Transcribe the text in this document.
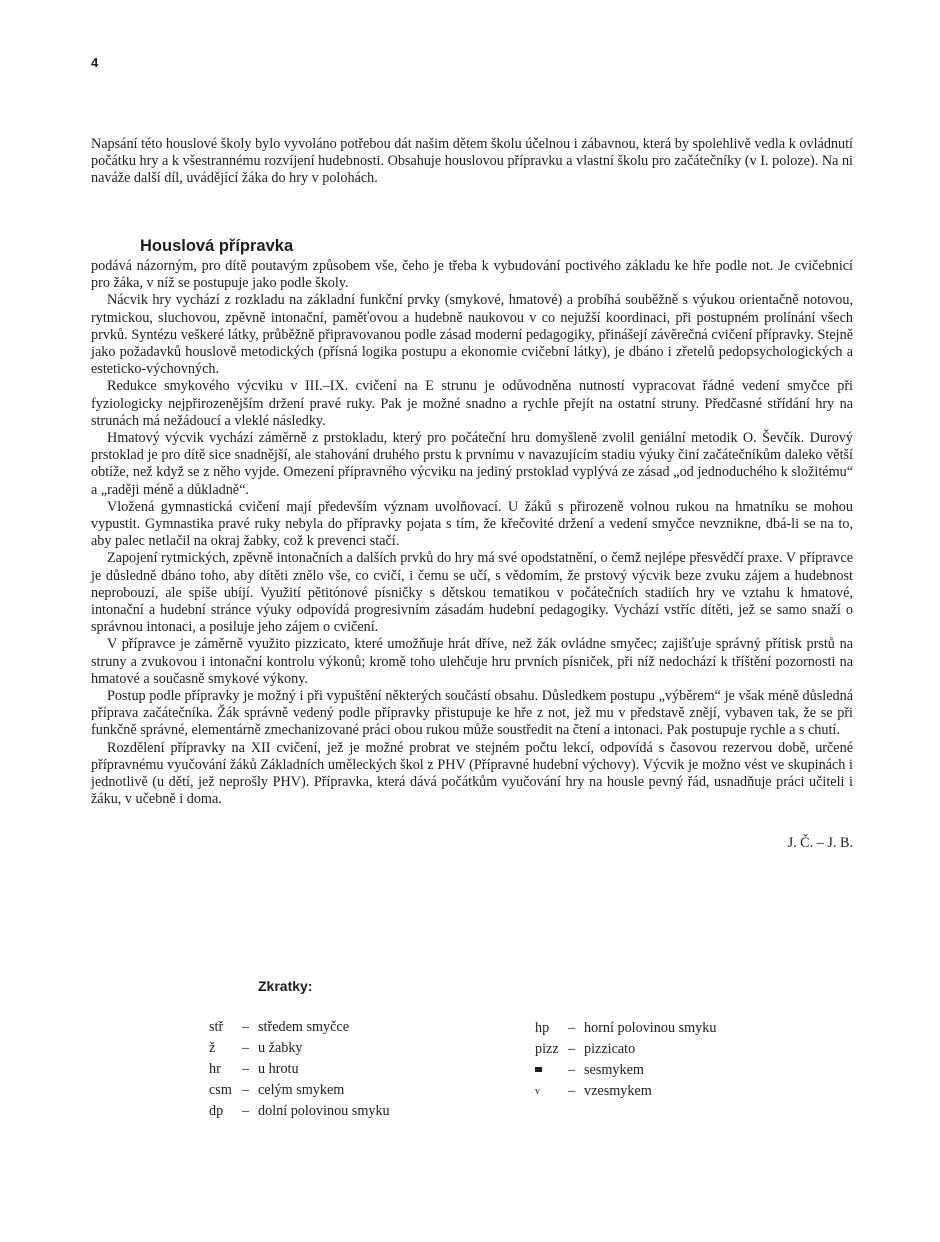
4
Napsání této houslové školy bylo vyvoláno potřebou dát našim dětem školu účelnou i zábavnou, která by spolehlivě vedla k ovládnutí počátku hry a k všestrannému rozvíjení hudebnosti. Obsahuje houslovou přípravku a vlastní školu pro začátečníky (v I. poloze). Na ni naváže další díl, uvádějící žáka do hry v polohách.
Houslová přípravka

podává názorným, pro dítě poutavým způsobem vše, čeho je třeba k vybudování poctivého základu ke hře podle not. Je cvičebnicí pro žáka, v níž se postupuje jako podle školy.

Nácvik hry vychází z rozkladu na základní funkční prvky (smykové, hmatové) a probíhá souběžně s výukou orientačně notovou, rytmickou, sluchovou, zpěvně intonační, paměťovou a hudebně naukovou v co nejužší koordinaci, při postupném prolínání všech prvků. Syntézu veškeré látky, průběžně připravovanou podle zásad moderní pedagogiky, přinášejí závěrečná cvičení přípravky. Stejně jako požadavků houslově metodických (přísná logika postupu a ekonomie cvičební látky), je dbáno i zřetelů pedopsychologických a esteticko-výchovných.

Redukce smykového výcviku v III.–IX. cvičení na E strunu je odůvodněna nutností vypracovat řádné vedení smyčce při fyziologicky nejpřirozenějším držení pravé ruky. Pak je možné snadno a rychle přejít na ostatní struny. Předčasné střídání hry na strunách má nežádoucí a vleklé následky.

Hmatový výcvik vychází záměrně z prstokladu, který pro počáteční hru domyšleně zvolil geniální metodik O. Ševčík. Durový prstoklad je pro dítě sice snadnější, ale stahování druhého prstu k prvnímu v navazujícím stadiu výuky činí začátečníkům daleko větší obtíže, než když se z něho vyjde. Omezení přípravného výcviku na jediný prstoklad vyplývá ze zásad „od jednoduchého k složitému“ a „raději méně a důkladně“.

Vložená gymnastická cvičení mají především význam uvolňovací. U žáků s přirozeně volnou rukou na hmatníku se mohou vypustit. Gymnastika pravé ruky nebyla do přípravky pojata s tím, že křečovité držení a vedení smyčce nevznikne, dbá-li se na to, aby palec netlačil na okraj žabky, což k prevenci stačí.

Zapojení rytmických, zpěvně intonačních a dalších prvků do hry má své opodstatnění, o čemž nejlépe přesvědčí praxe. V přípravce je důsledně dbáno toho, aby dítěti znělo vše, co cvičí, i čemu se učí, s vědomím, že prstový výcvik beze zvuku zájem a hudebnost neprobouzí, ale spíše ubíjí. Využití pětitónové písničky s dětskou tematikou v počátečních stadiích hry ve vztahu k hmatové, intonační a hudební stránce výuky odpovídá progresivním zásadám hudební pedagogiky. Vychází vstříc dítěti, jež se samo snaží o správnou intonaci, a posiluje jeho zájem o cvičení.

V přípravce je záměrně využito pizzicato, které umožňuje hrát dříve, než žák ovládne smyčec; zajišťuje správný přítisk prstů na struny a zvukovou i intonační kontrolu výkonů; kromě toho ulehčuje hru prvních písniček, při níž nedochází k tříštění pozornosti na hmatové a současně smykové výkony.

Postup podle přípravky je možný i při vypuštění některých součástí obsahu. Důsledkem postupu „výběrem“ je však méně důsledná příprava začátečníka. Žák správně vedený podle přípravky přistupuje ke hře z not, jež mu v představě znějí, vybaven tak, že se při funkčně správné, elementárně zmechanizované práci obou rukou může soustředit na čtení a intonaci. Pak postupuje rychle a s chutí.

Rozdělení přípravky na XII cvičení, jež je možné probrat ve stejném počtu lekcí, odpovídá s časovou rezervou době, určené přípravnému vyučování žáků Základních uměleckých škol z PHV (Přípravné hudební výchovy). Výcvik je možno vést ve skupinách i jednotlivě (u dětí, jež neprošly PHV). Přípravka, která dává počátkům vyučování hry na housle pevný řád, usnadňuje práci učiteli i žáku, v učebně i doma.

J. Č. – J. B.
Zkratky:
stř	– středem smyčce
ž	– u žabky
hr	– u hrotu
csm – celým smykem
dp	– dolní polovinou smyku
hp	– horní polovinou smyku
pizz – pizzicato
– sesmykem
v	– vzesmykem
